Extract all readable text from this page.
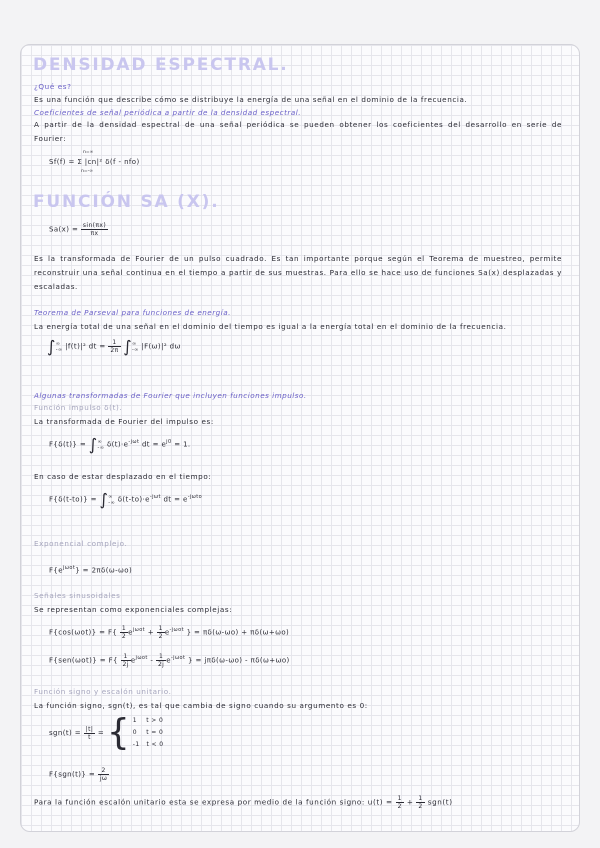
DENSIDAD ESPECTRAL.
¿Qué es?
Es una función que describe cómo se distribuye la energía de una señal en el dominio de la frecuencia.
Coeficientes de señal periódica a partir de la densidad espectral.
A partir de la densidad espectral de una señal periódica se pueden obtener los coeficientes del desarrollo en serie de Fourier:
Sf(f) = Σ |cn|² δ(f - nfo)
n=∞
n=-∞
FUNCIÓN SA (X).
$Sa(x) = \frac{\sin(\pi x)}{\pi x}$
Es la transformada de Fourier de un pulso cuadrado. Es tan importante porque según el Teorema de muestreo, permite reconstruir una señal continua en el tiempo a partir de sus muestras. Para ello se hace uso de funciones Sa(x) desplazadas y escaladas.
Teorema de Parseval para funciones de energía.
La energía total de una señal en el dominio del tiempo es igual a la energía total en el dominio de la frecuencia.
∫ ∞
-∞ |f(t)|² dt = $\frac{1}{2\pi}$ ∫ ∞
-∞ |F(ω)|² dω
Algunas transformadas de Fourier que incluyen funciones impulso.
Función impulso δ(t).
La transformada de Fourier del impulso es:
F{δ(t)} = ∫ ∞
-∞ $\delta(t)\cdot e^{-j\omega t}$ dt = $e^{j0} = 1$.
En caso de estar desplazado en el tiempo:
F{δ(t-to)} = ∫ ∞
-∞ $\delta(t-to)\cdot e^{-j\omega t}$ dt = $e^{-j\omega to}$
Exponencial complejo.
$F\{e^{j\omega ot}\} = 2\pi\delta(\omega-\omega o)$
Señales sinusoidales
Se representan como exponenciales complejas:
$F\{\cos(\omega ot)\} = F\{ \frac{1}{2} e^{j\omega ot} + \frac{1}{2} e^{-j\omega ot}$ } = πδ(ω-ωo) + πδ(ω+ωo)
$F\{sen(\omega ot)\} = F\{ \frac{1}{2j} e^{j\omega ot} - \frac{1}{2j} e^{-j\omega ot}$ } = jπδ(ω-ωo) - πδ(ω+ωo)
Función signo y escalón unitario.
La función signo, sgn(t), es tal que cambia de signo cuando su argumento es 0:
$sgn(t) = \frac{|t|}{t}$ = { 1    t > 0
0    t = 0
-1   t < 0
$F\{sgn(t)\} = \frac{2}{j\omega}$
Para la función escalón unitario esta se expresa por medio de la función signo: $u(t) = \frac{1}{2} + \frac{1}{2} sgn(t)$
